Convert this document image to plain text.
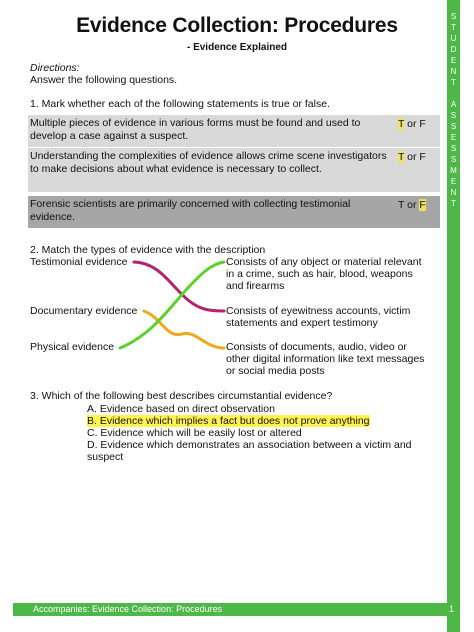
S
T
U
D
E
N
T
A
S
S
E
S
S
M
E
N
T
Evidence Collection: Procedures
- Evidence Explained
Directions:
Answer the following questions.
1. Mark whether each of the following statements is true or false.
Multiple pieces of evidence in various forms must be found and used to develop a case against a suspect.
T or F
Understanding the complexities of evidence allows crime scene investigators to make decisions about what evidence is necessary to collect.
T or F
Forensic scientists are primarily concerned with collecting testimonial evidence.
T or F
2. Match the types of evidence with the description
Testimonial evidence
Documentary evidence
Physical evidence
Consists of any object or material relevant in a crime, such as hair, blood, weapons and firearms
Consists of eyewitness accounts, victim statements and expert testimony
Consists of documents, audio, video or other digital information like text messages or social media posts
3. Which of the following best describes circumstantial evidence?
A. Evidence based on direct observation
B. Evidence which implies a fact but does not prove anything
C. Evidence which will be easily lost or altered
D. Evidence which demonstrates an association between a victim and suspect
Accompanies: Evidence Collection: Procedures	1
